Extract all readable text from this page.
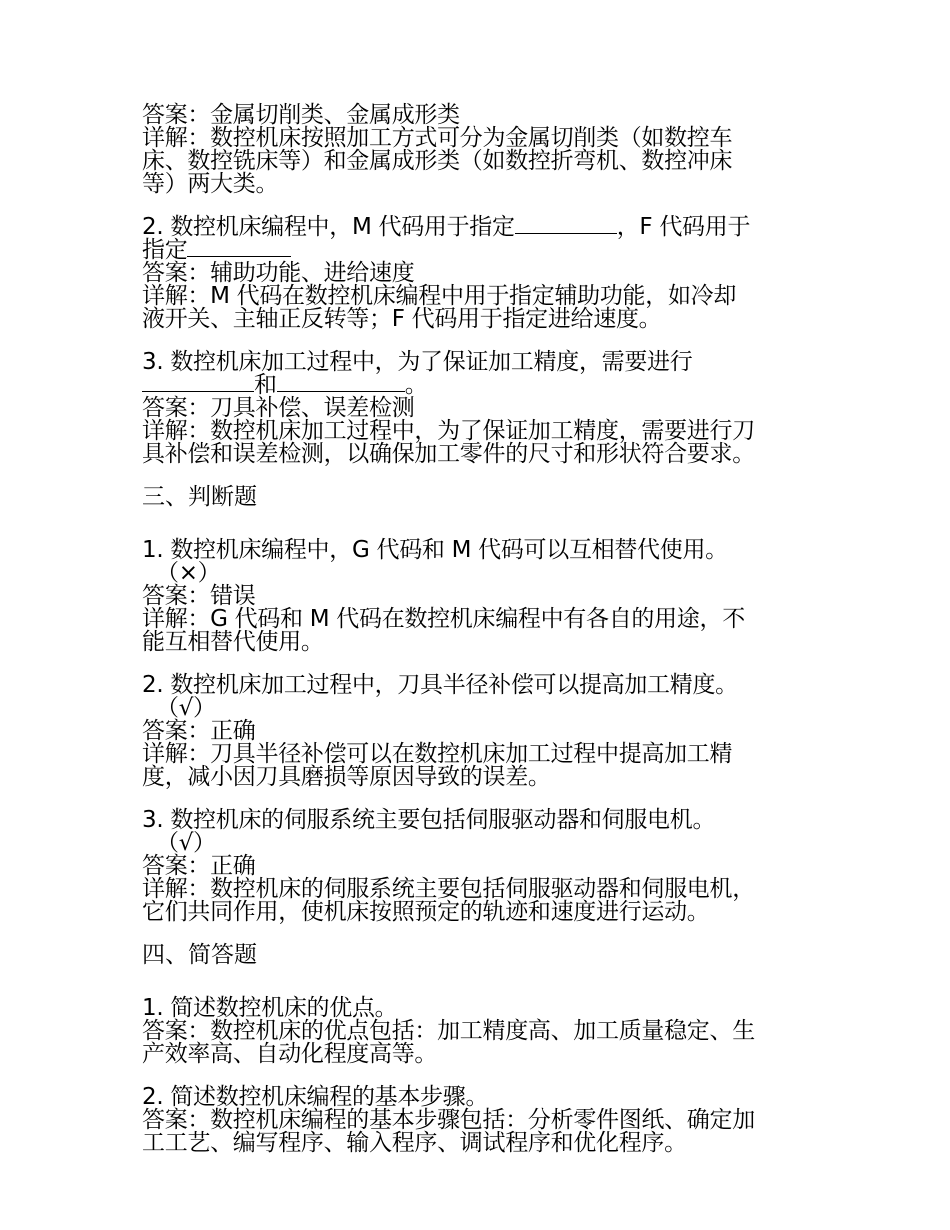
答案：金属切削类、金属成形类
详解：数控机床按照加工方式可分为金属切削类（如数控车
床、数控铣床等）和金属成形类（如数控折弯机、数控冲床
等）两大类。
2. 数控机床编程中，M 代码用于指定	，F 代码用于
指定
答案：辅助功能、进给速度
详解：M 代码在数控机床编程中用于指定辅助功能，如冷却
液开关、主轴正反转等；F 代码用于指定进给速度。
3. 数控机床加工过程中，为了保证加工精度，需要进行
和	。
答案：刀具补偿、误差检测
详解：数控机床加工过程中，为了保证加工精度，需要进行刀
具补偿和误差检测，以确保加工零件的尺寸和形状符合要求。
三、判断题
1. 数控机床编程中，G 代码和 M 代码可以互相替代使用。
（×）
答案：错误
详解：G 代码和 M 代码在数控机床编程中有各自的用途，不
能互相替代使用。
2. 数控机床加工过程中，刀具半径补偿可以提高加工精度。
（√）
答案：正确
详解：刀具半径补偿可以在数控机床加工过程中提高加工精
度，减小因刀具磨损等原因导致的误差。
3. 数控机床的伺服系统主要包括伺服驱动器和伺服电机。
（√）
答案：正确
详解：数控机床的伺服系统主要包括伺服驱动器和伺服电机，
它们共同作用，使机床按照预定的轨迹和速度进行运动。
四、简答题
1. 简述数控机床的优点。
答案：数控机床的优点包括：加工精度高、加工质量稳定、生
产效率高、自动化程度高等。
2. 简述数控机床编程的基本步骤。
答案：数控机床编程的基本步骤包括：分析零件图纸、确定加
工工艺、编写程序、输入程序、调试程序和优化程序。
